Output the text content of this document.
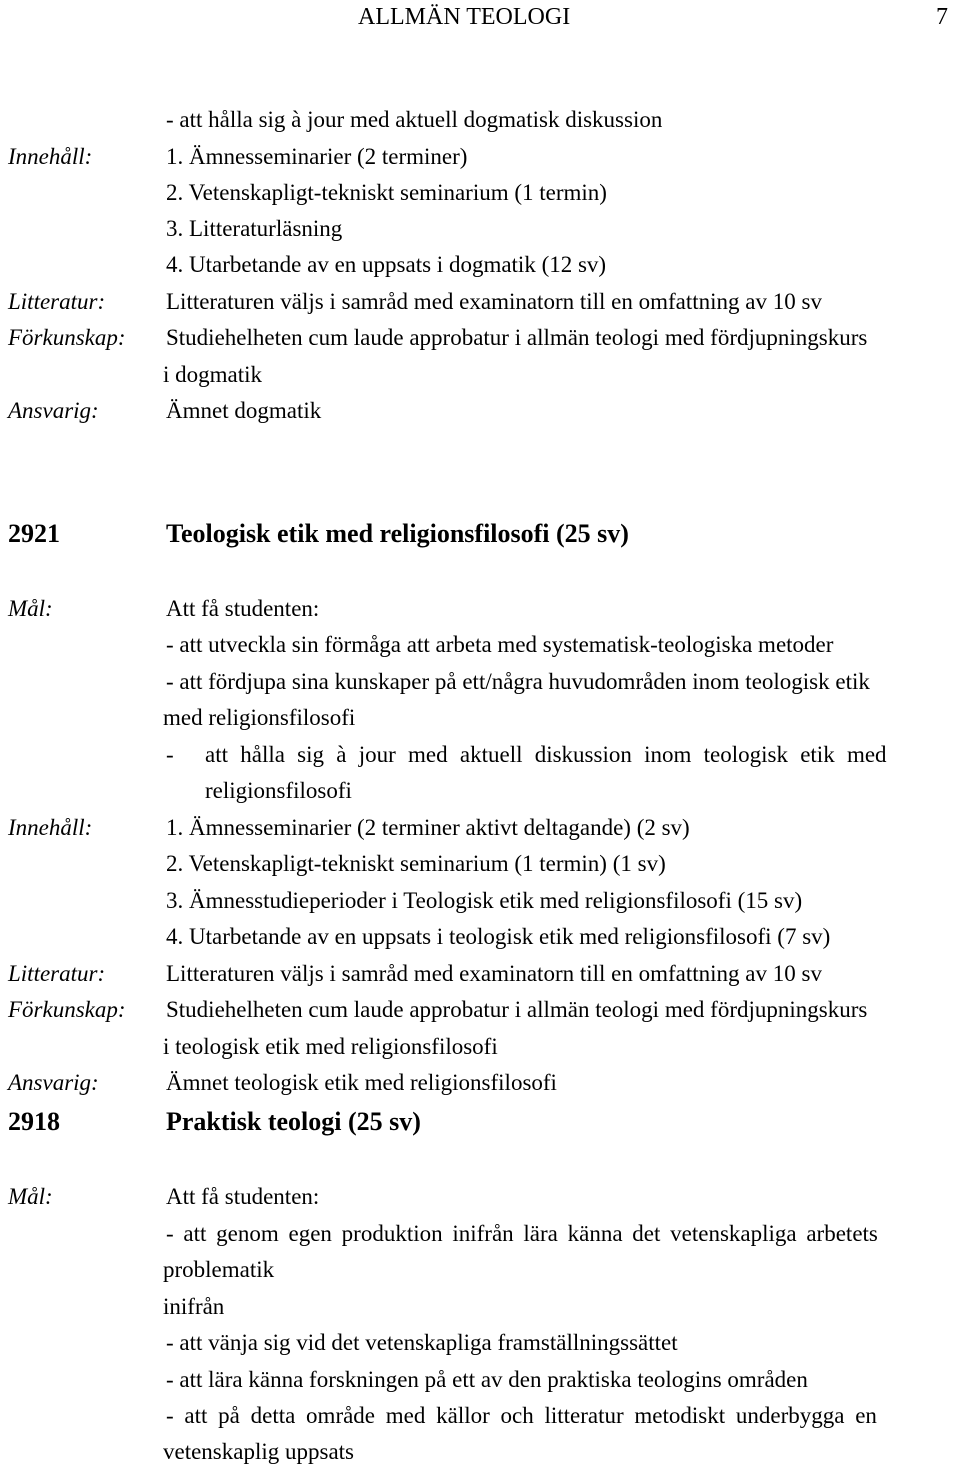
ALLMÄN TEOLOGI	7
- att hålla sig à jour med aktuell dogmatisk diskussion
Innehåll:	1. Ämnesseminarier (2 terminer)
2. Vetenskapligt-tekniskt seminarium (1 termin)
3. Litteraturläsning
4. Utarbetande av en uppsats i dogmatik (12 sv)
Litteratur:	Litteraturen väljs i samråd med examinatorn till en omfattning av 10 sv
Förkunskap: Studiehelheten cum laude approbatur i allmän teologi med fördjupningskurs
i dogmatik
Ansvarig:	Ämnet dogmatik
2921	Teologisk etik med religionsfilosofi (25 sv)
Mål:	Att få studenten:
- att utveckla sin förmåga att arbeta med systematisk-teologiska metoder
- att fördjupa sina kunskaper på ett/några huvudområden inom teologisk etik
med religionsfilosofi
- att hålla sig à jour med aktuell diskussion inom teologisk etik med
religionsfilosofi
Innehåll:	1. Ämnesseminarier (2 terminer aktivt deltagande) (2 sv)
2. Vetenskapligt-tekniskt seminarium (1 termin) (1 sv)
3. Ämnesstudieperioder i Teologisk etik med religionsfilosofi (15 sv)
4. Utarbetande av en uppsats i teologisk etik med religionsfilosofi (7 sv)
Litteratur:	Litteraturen väljs i samråd med examinatorn till en omfattning av 10 sv
Förkunskap: Studiehelheten cum laude approbatur i allmän teologi med fördjupningskurs
i teologisk etik med religionsfilosofi
Ansvarig:	Ämnet teologisk etik med religionsfilosofi
2918	Praktisk teologi (25 sv)
Mål:	Att få studenten:
- att genom egen produktion inifrån lära känna det vetenskapliga arbetets
problematik
inifrån
- att vänja sig vid det vetenskapliga framställningssättet
- att lära känna forskningen på ett av den praktiska teologins områden
- att på detta område med källor och litteratur metodiskt underbygga en
vetenskaplig uppsats
